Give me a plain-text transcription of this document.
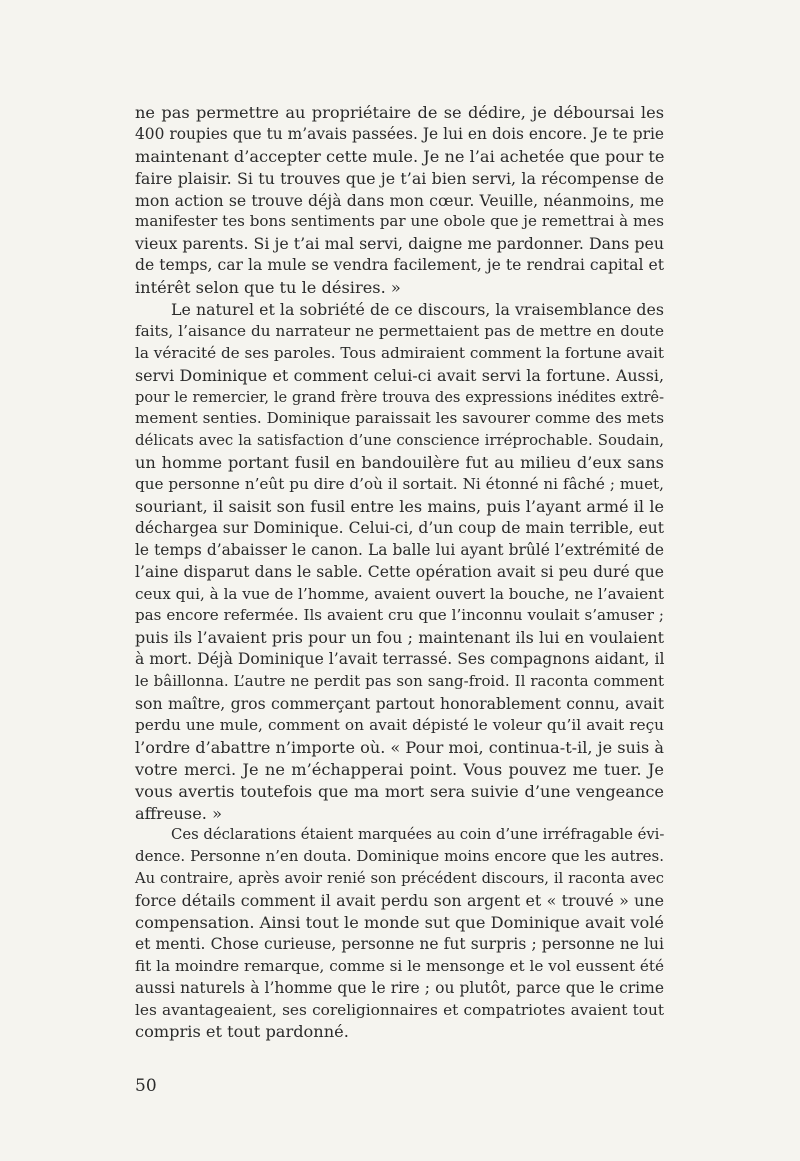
ne pas permettre au propriétaire de se dédire, je déboursai les
400 roupies que tu m’avais passées. Je lui en dois encore. Je te prie
maintenant d’accepter cette mule. Je ne l’ai achetée que pour te
faire plaisir. Si tu trouves que je t’ai bien servi, la récompense de
mon action se trouve déjà dans mon cœur. Veuille, néanmoins, me
manifester tes bons sentiments par une obole que je remettrai à mes
vieux parents. Si je t’ai mal servi, daigne me pardonner. Dans peu
de temps, car la mule se vendra facilement, je te rendrai capital et
intérêt selon que tu le désires. »
Le naturel et la sobriété de ce discours, la vraisemblance des
faits, l’aisance du narrateur ne permettaient pas de mettre en doute
la véracité de ses paroles. Tous admiraient comment la fortune avait
servi Dominique et comment celui-ci avait servi la fortune. Aussi,
pour le remercier, le grand frère trouva des expressions inédites extrê-
mement senties. Dominique paraissait les savourer comme des mets
délicats avec la satisfaction d’une conscience irréprochable. Soudain,
un homme portant fusil en bandouilère fut au milieu d’eux sans
que personne n’eût pu dire d’où il sortait. Ni étonné ni fâché ; muet,
souriant, il saisit son fusil entre les mains, puis l’ayant armé il le
déchargea sur Dominique. Celui-ci, d’un coup de main terrible, eut
le temps d’abaisser le canon. La balle lui ayant brûlé l’extrémité de
l’aine disparut dans le sable. Cette opération avait si peu duré que
ceux qui, à la vue de l’homme, avaient ouvert la bouche, ne l’avaient
pas encore refermée. Ils avaient cru que l’inconnu voulait s’amuser ;
puis ils l’avaient pris pour un fou ; maintenant ils lui en voulaient
à mort. Déjà Dominique l’avait terrassé. Ses compagnons aidant, il
le bâillonna. L’autre ne perdit pas son sang-froid. Il raconta comment
son maître, gros commerçant partout honorablement connu, avait
perdu une mule, comment on avait dépisté le voleur qu’il avait reçu
l’ordre d’abattre n’importe où. « Pour moi, continua-t-il, je suis à
votre merci. Je ne m’échapperai point. Vous pouvez me tuer. Je
vous avertis toutefois que ma mort sera suivie d’une vengeance
affreuse. »
Ces déclarations étaient marquées au coin d’une irréfragable évi-
dence. Personne n’en douta. Dominique moins encore que les autres.
Au contraire, après avoir renié son précédent discours, il raconta avec
force détails comment il avait perdu son argent et « trouvé » une
compensation. Ainsi tout le monde sut que Dominique avait volé
et menti. Chose curieuse, personne ne fut surpris ; personne ne lui
fit la moindre remarque, comme si le mensonge et le vol eussent été
aussi naturels à l’homme que le rire ; ou plutôt, parce que le crime
les avantageaient, ses coreligionnaires et compatriotes avaient tout
compris et tout pardonné.
50
